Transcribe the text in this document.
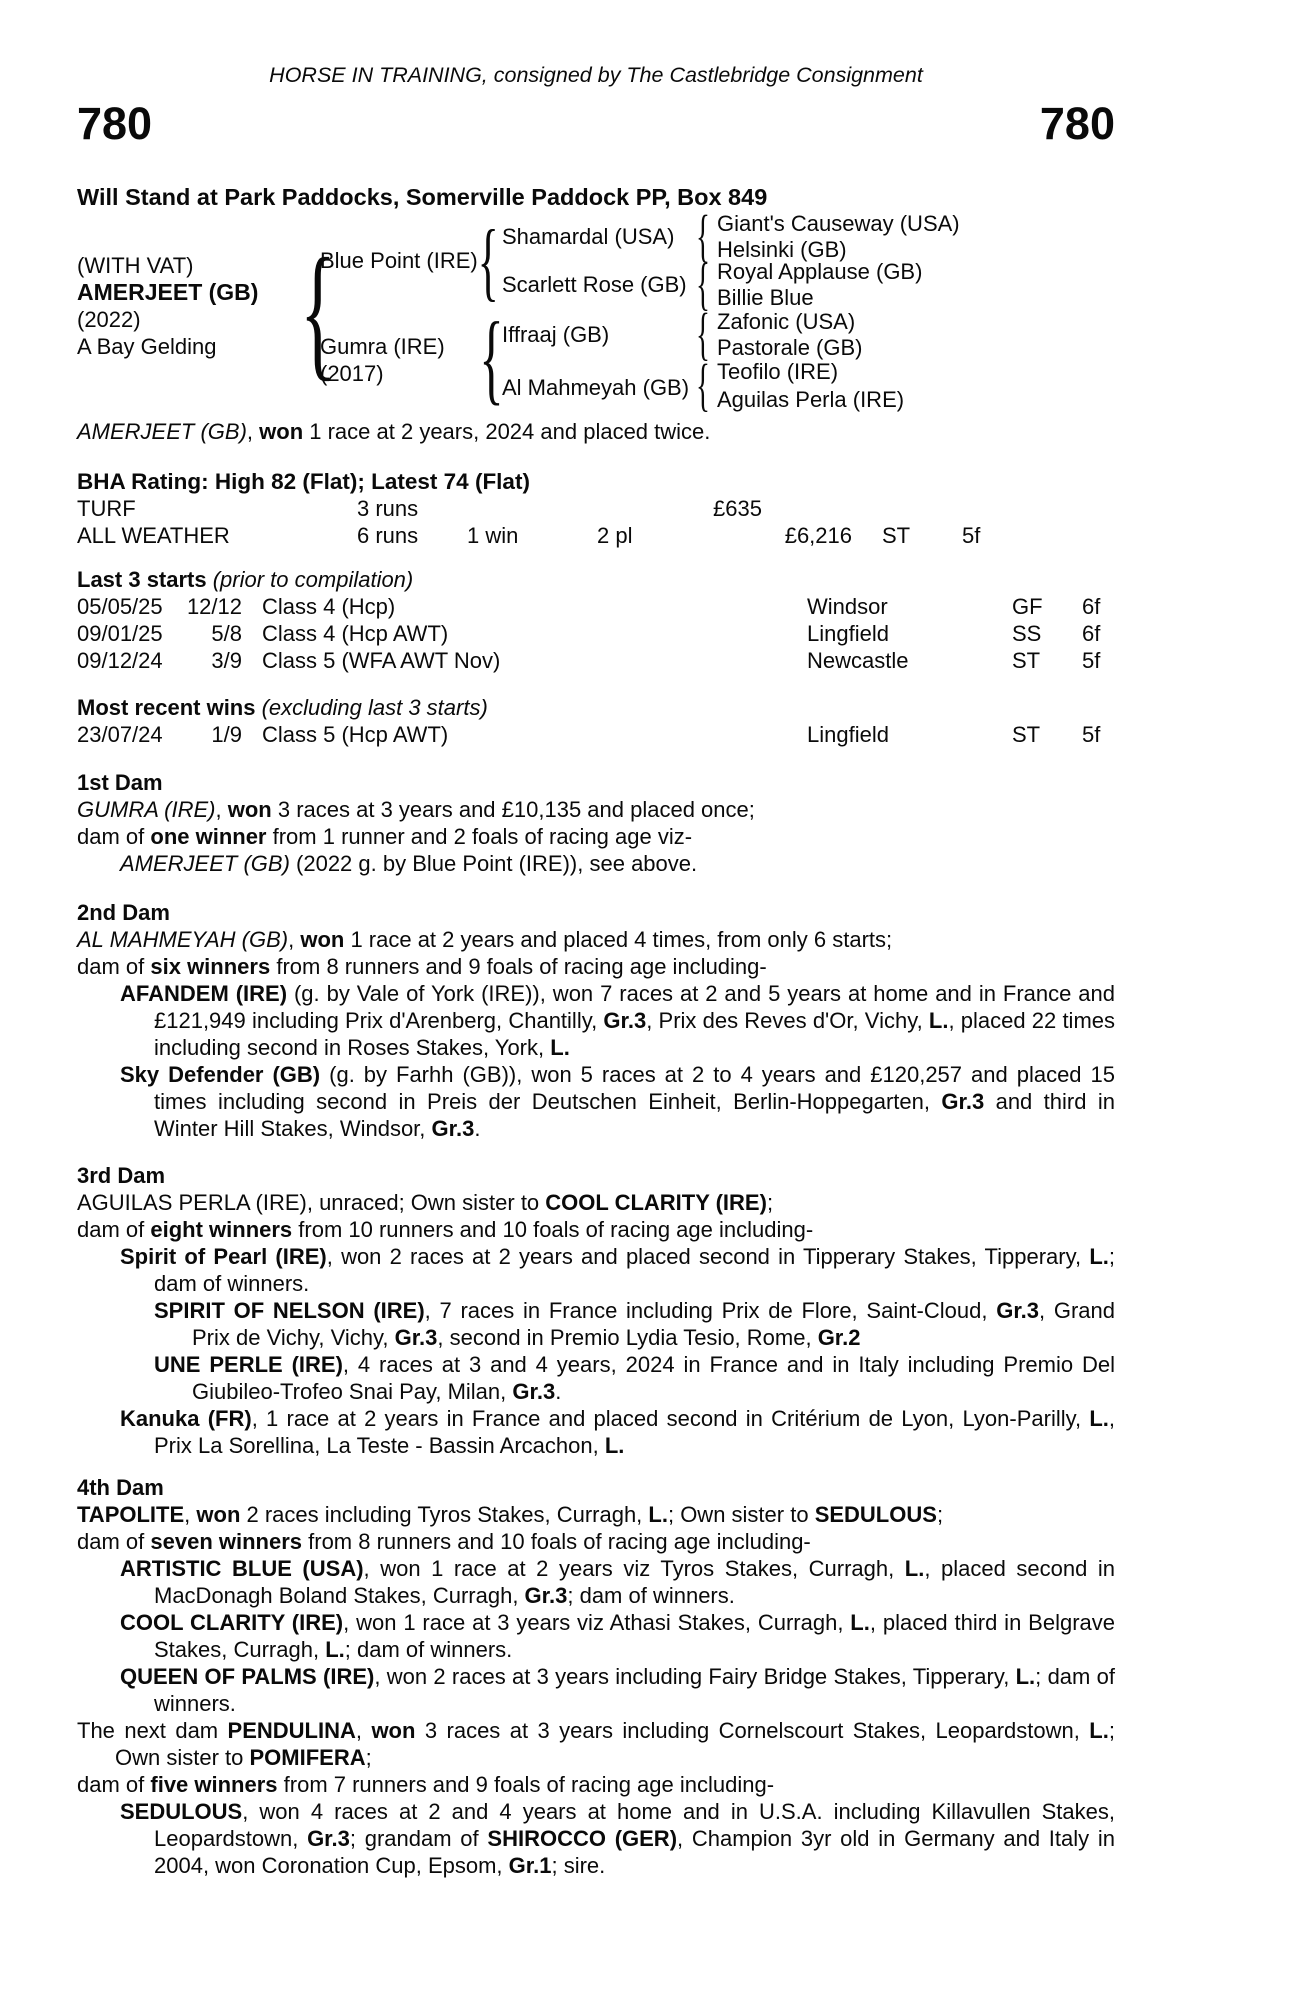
HORSE IN TRAINING, consigned by The Castlebridge Consignment
780	780
Will Stand at Park Paddocks, Somerville Paddock PP, Box 849
(WITH VAT)
AMERJEET (GB)
(2022)
A Bay Gelding
{
Blue Point (IRE)
Gumra (IRE)
(2017)
{
{
Shamardal (USA)
Scarlett Rose (GB)
Iffraaj (GB)
Al Mahmeyah (GB)
{
{
{
{
Giant's Causeway (USA)
Helsinki (GB)
Royal Applause (GB)
Billie Blue
Zafonic (USA)
Pastorale (GB)
Teofilo (IRE)
Aguilas Perla (IRE)

AMERJEET (GB), won 1 race at 2 years, 2024 and placed twice.

BHA Rating: High 82 (Flat); Latest 74 (Flat)
TURF	3 runs	£635
ALL WEATHER	6 runs	1 win	2 pl	£6,216	ST	5f
Last 3 starts (prior to compilation)
05/05/25	12/12 Class 4 (Hcp)	Windsor	GF	6f
09/01/25	5/8 Class 4 (Hcp AWT)	Lingfield	SS	6f
09/12/24	3/9 Class 5 (WFA AWT Nov)	Newcastle	ST	5f
Most recent wins (excluding last 3 starts)
23/07/24	1/9 Class 5 (Hcp AWT)	Lingfield	ST	5f
1st Dam

GUMRA (IRE), won 3 races at 3 years and £10,135 and placed once;

dam of one winner from 1 runner and 2 foals of racing age viz-

AMERJEET (GB) (2022 g. by Blue Point (IRE)), see above.

2nd Dam

AL MAHMEYAH (GB), won 1 race at 2 years and placed 4 times, from only 6 starts;

dam of six winners from 8 runners and 9 foals of racing age including-

AFANDEM (IRE) (g. by Vale of York (IRE)), won 7 races at 2 and 5 years at home and in France and £121,949 including Prix d'Arenberg, Chantilly, Gr.3, Prix des Reves d'Or, Vichy, L., placed 22 times including second in Roses Stakes, York, L.

Sky Defender (GB) (g. by Farhh (GB)), won 5 races at 2 to 4 years and £120,257 and placed 15 times including second in Preis der Deutschen Einheit, Berlin-Hoppegarten, Gr.3 and third in Winter Hill Stakes, Windsor, Gr.3.

3rd Dam

AGUILAS PERLA (IRE), unraced; Own sister to COOL CLARITY (IRE);

dam of eight winners from 10 runners and 10 foals of racing age including-

Spirit of Pearl (IRE), won 2 races at 2 years and placed second in Tipperary Stakes, Tipperary, L.; dam of winners.

SPIRIT OF NELSON (IRE), 7 races in France including Prix de Flore, Saint-Cloud, Gr.3, Grand Prix de Vichy, Vichy, Gr.3, second in Premio Lydia Tesio, Rome, Gr.2

UNE PERLE (IRE), 4 races at 3 and 4 years, 2024 in France and in Italy including Premio Del Giubileo-Trofeo Snai Pay, Milan, Gr.3.

Kanuka (FR), 1 race at 2 years in France and placed second in Critérium de Lyon, Lyon-Parilly, L., Prix La Sorellina, La Teste - Bassin Arcachon, L.

4th Dam

TAPOLITE, won 2 races including Tyros Stakes, Curragh, L.; Own sister to SEDULOUS;

dam of seven winners from 8 runners and 10 foals of racing age including-

ARTISTIC BLUE (USA), won 1 race at 2 years viz Tyros Stakes, Curragh, L., placed second in MacDonagh Boland Stakes, Curragh, Gr.3; dam of winners.

COOL CLARITY (IRE), won 1 race at 3 years viz Athasi Stakes, Curragh, L., placed third in Belgrave Stakes, Curragh, L.; dam of winners.

QUEEN OF PALMS (IRE), won 2 races at 3 years including Fairy Bridge Stakes, Tipperary, L.; dam of winners.

The next dam PENDULINA, won 3 races at 3 years including Cornelscourt Stakes, Leopardstown, L.; Own sister to POMIFERA;

dam of five winners from 7 runners and 9 foals of racing age including-

SEDULOUS, won 4 races at 2 and 4 years at home and in U.S.A. including Killavullen Stakes, Leopardstown, Gr.3; grandam of SHIROCCO (GER), Champion 3yr old in Germany and Italy in 2004, won Coronation Cup, Epsom, Gr.1; sire.
